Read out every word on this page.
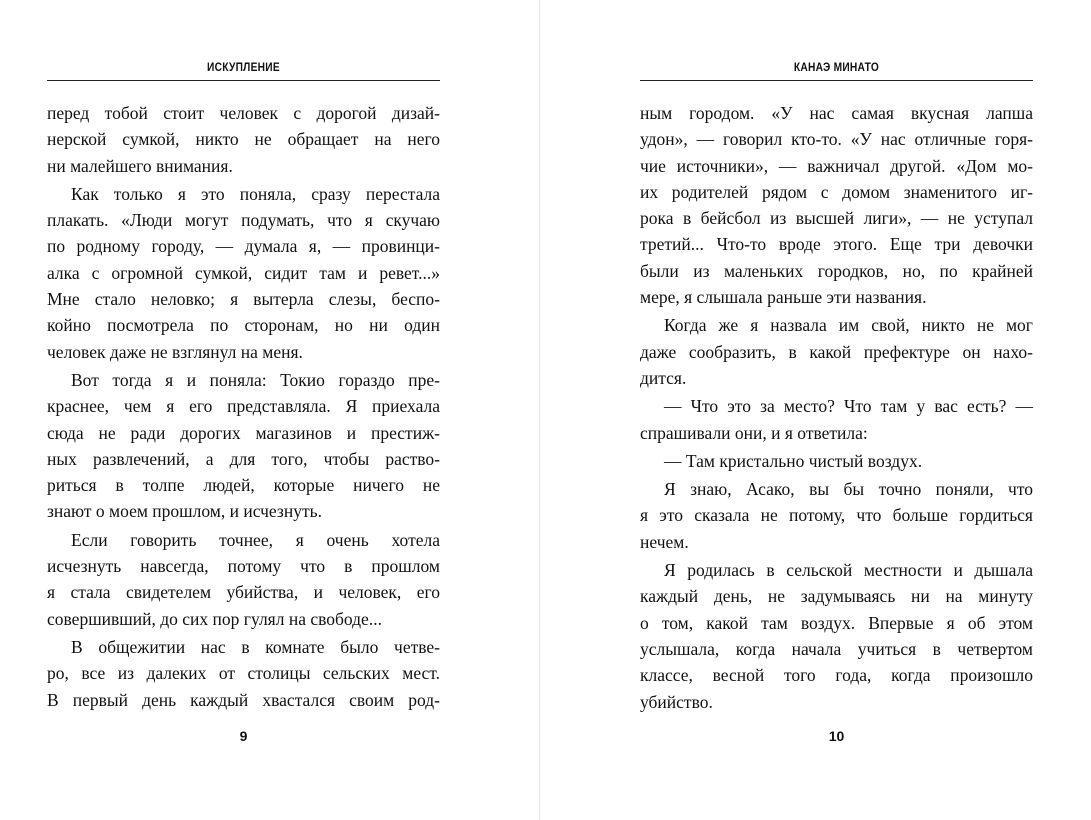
ИСКУПЛЕНИЕ
перед тобой стоит человек с дорогой дизай-
нерской сумкой, никто не обращает на него
ни малейшего внимания.
Как только я это поняла, сразу перестала
плакать. «Люди могут подумать, что я скучаю
по родному городу, — думала я, — провинци-
алка с огромной сумкой, сидит там и ревет...»
Мне стало неловко; я вытерла слезы, беспо-
койно посмотрела по сторонам, но ни один
человек даже не взглянул на меня.
Вот тогда я и поняла: Токио гораздо пре-
краснее, чем я его представляла. Я приехала
сюда не ради дорогих магазинов и престиж-
ных развлечений, а для того, чтобы раство-
риться в толпе людей, которые ничего не
знают о моем прошлом, и исчезнуть.
Если говорить точнее, я очень хотела
исчезнуть навсегда, потому что в прошлом
я стала свидетелем убийства, и человек, его
совершивший, до сих пор гулял на свободе...
В общежитии нас в комнате было четве-
ро, все из далеких от столицы сельских мест.
В первый день каждый хвастался своим род-
9
КАНАЭ МИНАТО
ным городом. «У нас самая вкусная лапша
удон», — говорил кто-то. «У нас отличные горя-
чие источники», — важничал другой. «Дом мо-
их родителей рядом с домом знаменитого иг-
рока в бейсбол из высшей лиги», — не уступал
третий... Что-то вроде этого. Еще три девочки
были из маленьких городков, но, по крайней
мере, я слышала раньше эти названия.
Когда же я назвала им свой, никто не мог
даже сообразить, в какой префектуре он нахо-
дится.
— Что это за место? Что там у вас есть? —
спрашивали они, и я ответила:
— Там кристально чистый воздух.
Я знаю, Асако, вы бы точно поняли, что
я это сказала не потому, что больше гордиться
нечем.
Я родилась в сельской местности и дышала
каждый день, не задумываясь ни на минуту
о том, какой там воздух. Впервые я об этом
услышала, когда начала учиться в четвертом
классе, весной того года, когда произошло
убийство.
10
